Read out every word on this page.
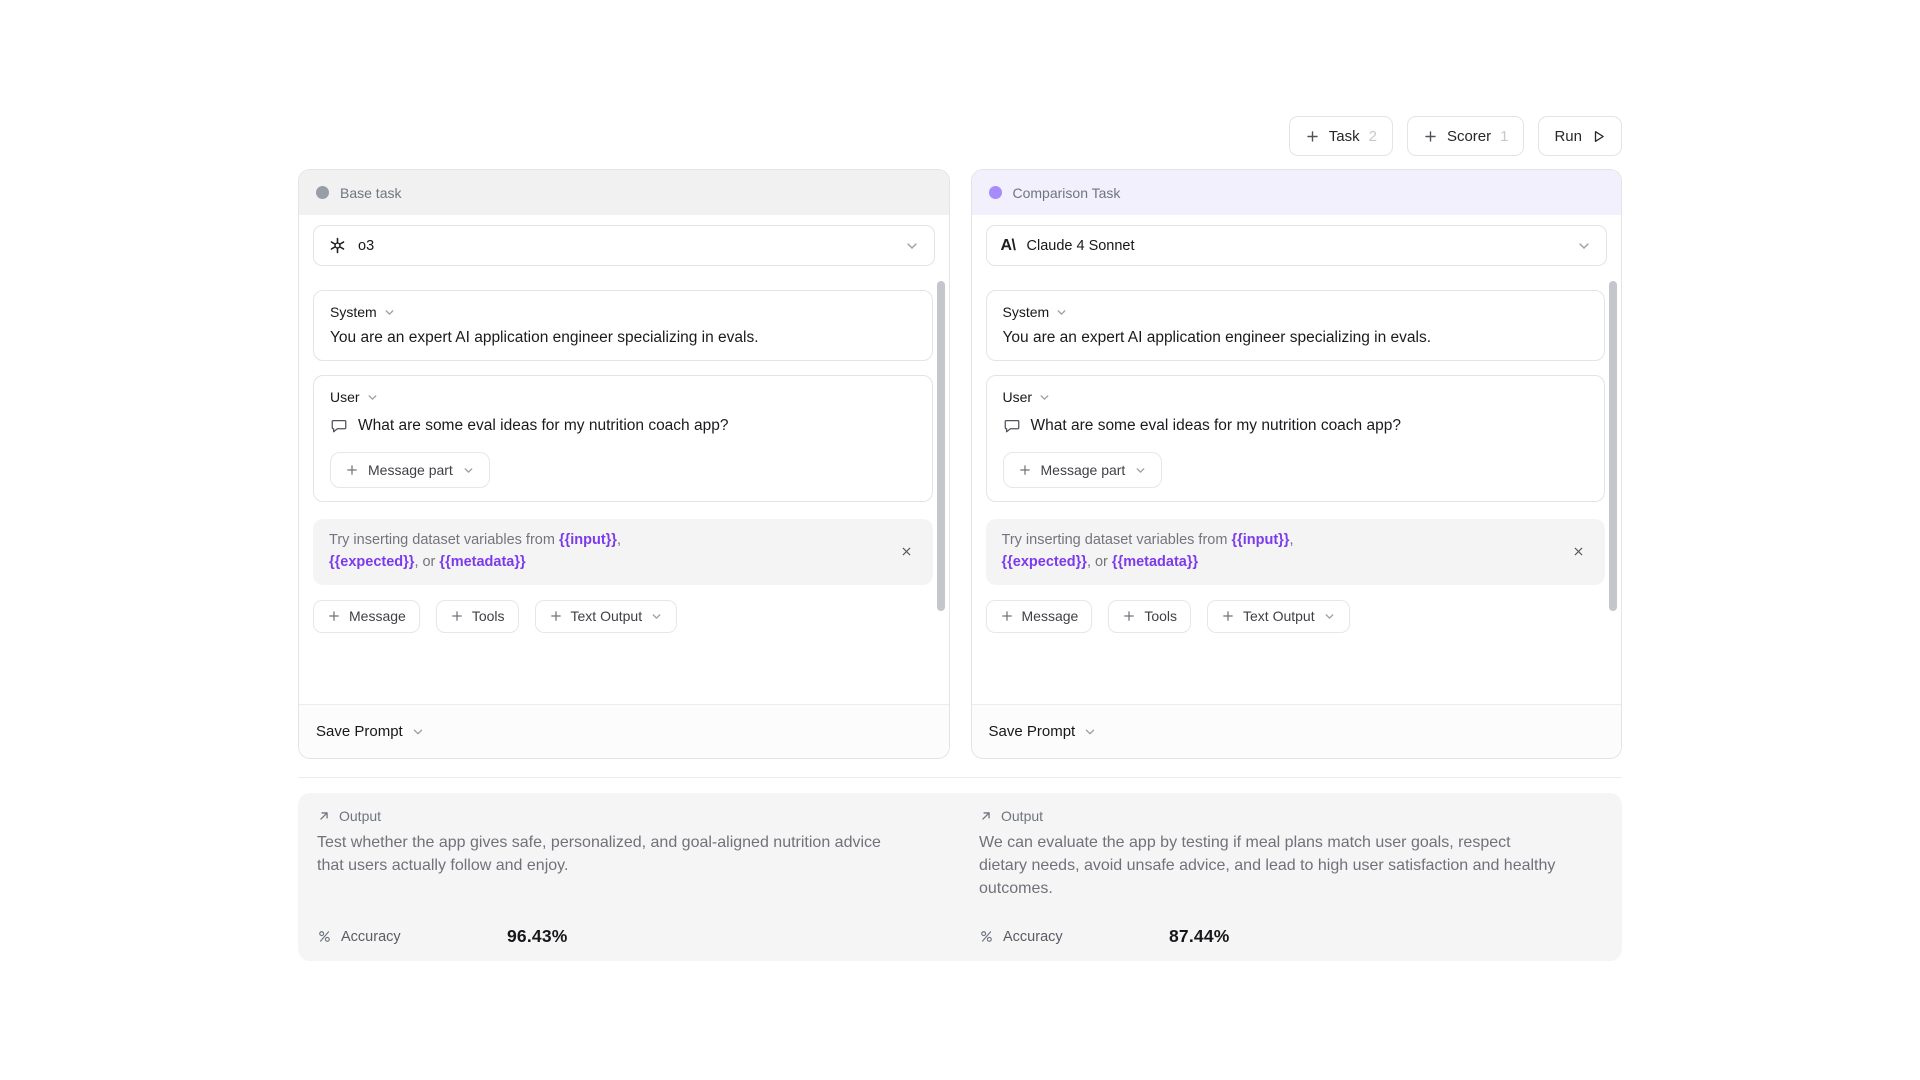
Task 2	Scorer 1	Run
Base task
o3
System
You are an expert AI application engineer specializing in evals.
User
What are some eval ideas for my nutrition coach app?
Message part
Try inserting dataset variables from {{input}}, {{expected}}, or {{metadata}}
Message	Tools	Text Output
Save Prompt
Comparison Task
A\ Claude 4 Sonnet
System
You are an expert AI application engineer specializing in evals.
User
What are some eval ideas for my nutrition coach app?
Message part
Try inserting dataset variables from {{input}}, {{expected}}, or {{metadata}}
Message	Tools	Text Output
Save Prompt
Output
Test whether the app gives safe, personalized, and goal-aligned nutrition advice that users actually follow and enjoy.
Accuracy	96.43%
Output
We can evaluate the app by testing if meal plans match user goals, respect dietary needs, avoid unsafe advice, and lead to high user satisfaction and healthy outcomes.
Accuracy	87.44%
